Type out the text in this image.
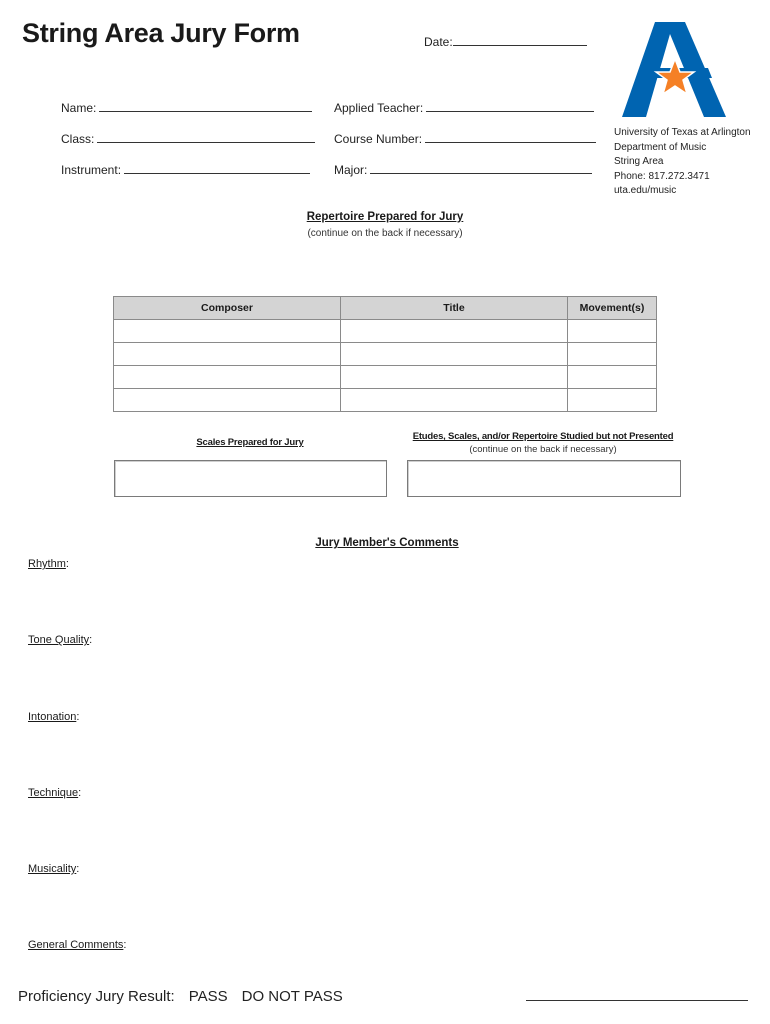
String Area Jury Form	Date:
Name:	Applied Teacher:
Class:	Course Number:
Instrument:	Major:
University of Texas at Arlington
Department of Music
String Area
Phone: 817.272.3471
uta.edu/music
Repertoire Prepared for Jury
(continue on the back if necessary)
Composer	Title	Movement(s)

Scales Prepared for Jury
Etudes, Scales, and/or Repertoire Studied but not Presented
(continue on the back if necessary)
Jury Member's Comments
Rhythm:
Tone Quality:
Intonation:
Technique:
Musicality:
General Comments:
Proficiency Jury Result: PASS DO NOT PASS
